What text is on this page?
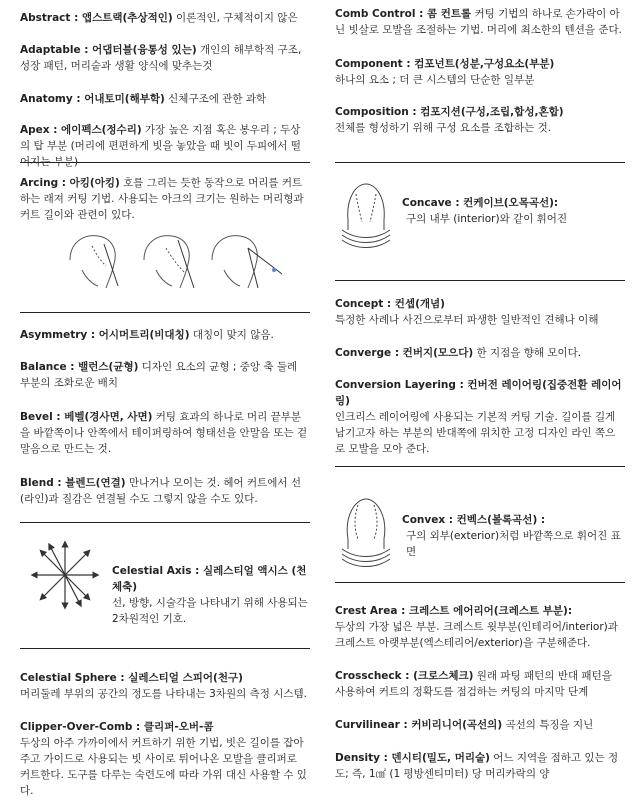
Abstract : 앱스트랙(추상적인) 이론적인, 구체적이지 않은
Adaptable : 어댑터블(융통성 있는) 개인의 해부학적 구조, 성장 패턴, 머리숱과 생활 양식에 맞추는것
Anatomy : 어내토미(해부학) 신체구조에 관한 과학
Apex : 에이펙스(정수리) 가장 높은 지점 혹은 봉우리 ; 두상의 탑 부분 (머리에 편편하게 빗을 놓았을 때 빗이 두피에서 떨어지는 부분)
Arcing : 아킹(아킹) 호를 그리는 듯한 동작으로 머리를 커트하는 래져 커팅 기법. 사용되는 아크의 크기는 원하는 머리형과 커트 길이와 관련이 있다.
Asymmetry : 어시머트리(비대칭) 대칭이 맞지 않음.
Balance : 밸런스(균형) 디자인 요소의 균형 ; 중앙 축 둘레 부분의 조화로운 배치
Bevel : 베벨(경사면, 사면) 커팅 효과의 하나로 머리 끝부분을 바깥쪽이나 안쪽에서 테이퍼링하여 형태선을 안말음 또는 겉말음으로 만드는 것.
Blend : 블렌드(연결) 만나거나 모이는 것. 헤어 커트에서 선(라인)과 질감은 연결될 수도 그렇지 않을 수도 있다.
Celestial Axis : 실레스티얼 액시스 (천체축)
선, 방향, 시술각을 나타내기 위해 사용되는 2차원적인 기호.
Celestial Sphere : 실레스티얼 스피어(천구)
머리둘레 부위의 공간의 정도를 나타내는 3차원의 측정 시스템.
Clipper-Over-Comb : 클리퍼-오버-콤
두상의 아주 가까이에서 커트하기 위한 기법, 빗은 길이를 잡아주고 가이드로 사용되는 빗 사이로 튀어나온 모발을 클리퍼로 커트한다. 도구를 다루는 숙련도에 따라 가위 대신 사용할 수 있다.
Comb Control : 콤 컨트롤 커팅 기법의 하나로 손가락이 아닌 빗살로 모발을 조절하는 기법. 머리에 최소한의 텐션을 준다.
Component : 컴포넌트(성분,구성요소(부분)
하나의 요소 ; 더 큰 시스템의 단순한 일부분
Composition : 컴포지션(구성,조립,합성,혼합)
전체를 형성하기 위해 구성 요소를 조합하는 것.
Concave : 컨케이브(오목곡선):
구의 내부 (interior)와 같이 휘어진
Concept : 컨셉(개념)
특정한 사례나 사건으로부터 파생한 일반적인 견해나 이해
Converge : 컨버지(모으다) 한 지점을 향해 모이다.
Conversion Layering : 컨버전 레이어링(집중전환 레이어링)
인크리스 레이어링에 사용되는 기본적 커팅 기술. 길이를 길게 남기고자 하는 부분의 반대쪽에 위치한 고정 디자인 라인 쪽으로 모발을 모아 준다.
Convex : 컨벡스(볼록곡선) :
구의 외부(exterior)처럼 바깥쪽으로 휘어진 표면
Crest Area : 크레스트 에어리어(크레스트 부분):
두상의 가장 넓은 부분. 크레스트 윗부분(인테리어/interior)과 크레스트 아랫부분(엑스테리어/exterior)을 구분해준다.
Crosscheck : (크로스체크) 원래 파팅 패턴의 반대 패턴을 사용하여 커트의 정확도를 점검하는 커팅의 마지막 단계
Curvilinear : 커비리니어(곡선의) 곡선의 특징을 지닌
Density : 덴시티(밀도, 머리숱) 어느 지역을 점하고 있는 정도; 즉, 1㎠ (1 평방센티미터) 당 머리카락의 양
